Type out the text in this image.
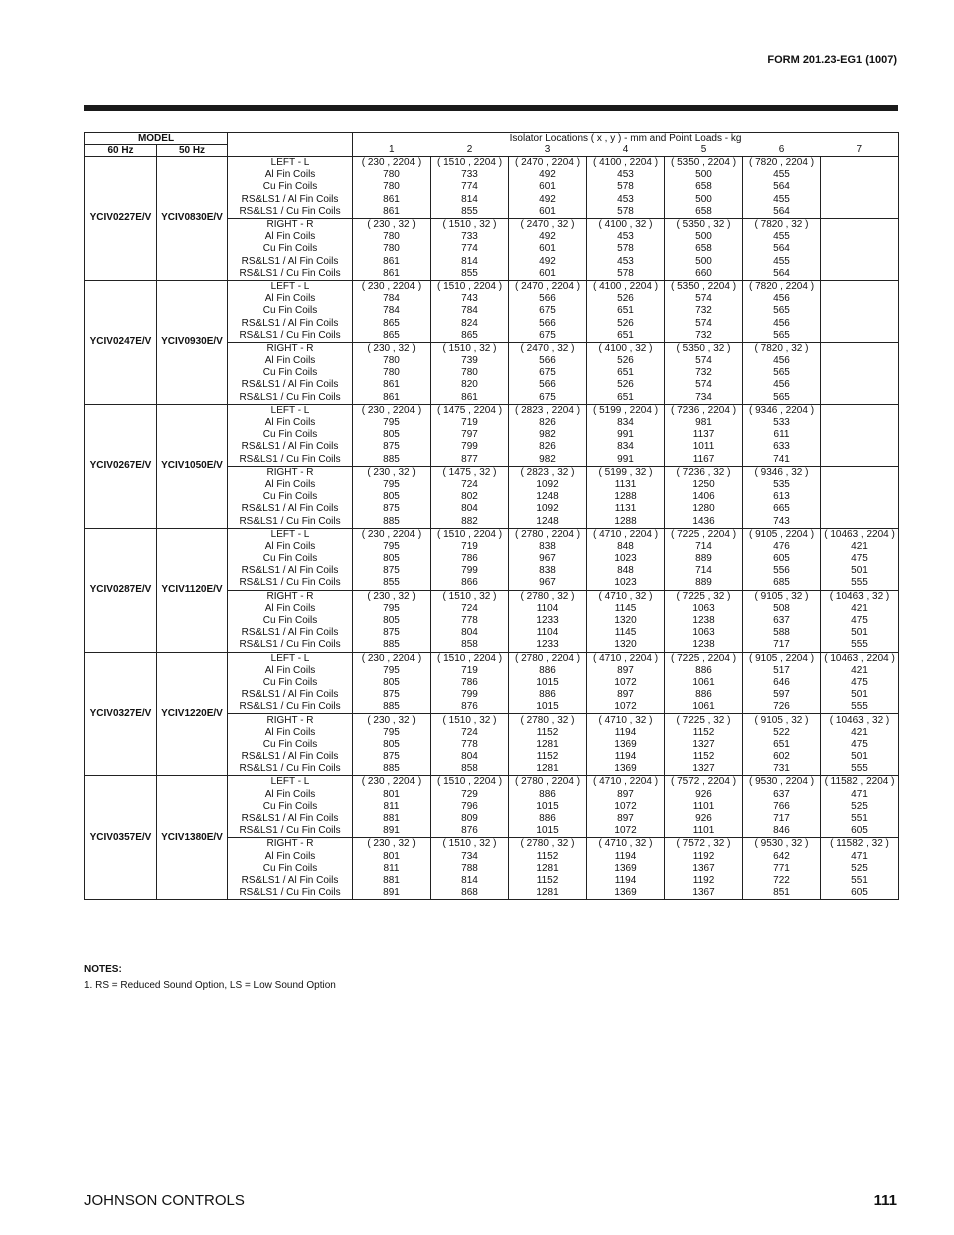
FORM 201.23-EG1 (1007)
MODEL			Isolator Locations ( x , y ) - mm and Point Loads - kg						
60 Hz	50 Hz		1	2	3	4	5	6	7
YCIV0227E/V	YCIV0830E/V	LEFT - L	( 230 , 2204 )	( 1510 , 2204 )	( 2470 , 2204 )	( 4100 , 2204 )	( 5350 , 2204 )	( 7820 , 2204 )	
		Al Fin Coils	780	733	492	453	500	455	
		Cu Fin Coils	780	774	601	578	658	564	
		RS&LS1 / Al Fin Coils	861	814	492	453	500	455	
		RS&LS1 / Cu Fin Coils	861	855	601	578	658	564	
		RIGHT - R	( 230 , 32 )	( 1510 , 32 )	( 2470 , 32 )	( 4100 , 32 )	( 5350 , 32 )	( 7820 , 32 )	
		Al Fin Coils	780	733	492	453	500	455	
		Cu Fin Coils	780	774	601	578	658	564	
		RS&LS1 / Al Fin Coils	861	814	492	453	500	455	
		RS&LS1 / Cu Fin Coils	861	855	601	578	660	564	
YCIV0247E/V	YCIV0930E/V	LEFT - L	( 230 , 2204 )	( 1510 , 2204 )	( 2470 , 2204 )	( 4100 , 2204 )	( 5350 , 2204 )	( 7820 , 2204 )	
		Al Fin Coils	784	743	566	526	574	456	
		Cu Fin Coils	784	784	675	651	732	565	
		RS&LS1 / Al Fin Coils	865	824	566	526	574	456	
		RS&LS1 / Cu Fin Coils	865	865	675	651	732	565	
		RIGHT - R	( 230 , 32 )	( 1510 , 32 )	( 2470 , 32 )	( 4100 , 32 )	( 5350 , 32 )	( 7820 , 32 )	
		Al Fin Coils	780	739	566	526	574	456	
		Cu Fin Coils	780	780	675	651	732	565	
		RS&LS1 / Al Fin Coils	861	820	566	526	574	456	
		RS&LS1 / Cu Fin Coils	861	861	675	651	734	565	
YCIV0267E/V	YCIV1050E/V	LEFT - L	( 230 , 2204 )	( 1475 , 2204 )	( 2823 , 2204 )	( 5199 , 2204 )	( 7236 , 2204 )	( 9346 , 2204 )	
		Al Fin Coils	795	719	826	834	981	533	
		Cu Fin Coils	805	797	982	991	1137	611	
		RS&LS1 / Al Fin Coils	875	799	826	834	1011	633	
		RS&LS1 / Cu Fin Coils	885	877	982	991	1167	741	
		RIGHT - R	( 230 , 32 )	( 1475 , 32 )	( 2823 , 32 )	( 5199 , 32 )	( 7236 , 32 )	( 9346 , 32 )	
		Al Fin Coils	795	724	1092	1131	1250	535	
		Cu Fin Coils	805	802	1248	1288	1406	613	
		RS&LS1 / Al Fin Coils	875	804	1092	1131	1280	665	
		RS&LS1 / Cu Fin Coils	885	882	1248	1288	1436	743	
YCIV0287E/V	YCIV1120E/V	LEFT - L	( 230 , 2204 )	( 1510 , 2204 )	( 2780 , 2204 )	( 4710 , 2204 )	( 7225 , 2204 )	( 9105 , 2204 )	( 10463 , 2204 )
		Al Fin Coils	795	719	838	848	714	476	421
		Cu Fin Coils	805	786	967	1023	889	605	475
		RS&LS1 / Al Fin Coils	875	799	838	848	714	556	501
		RS&LS1 / Cu Fin Coils	855	866	967	1023	889	685	555
		RIGHT - R	( 230 , 32 )	( 1510 , 32 )	( 2780 , 32 )	( 4710 , 32 )	( 7225 , 32 )	( 9105 , 32 )	( 10463 , 32 )
		Al Fin Coils	795	724	1104	1145	1063	508	421
		Cu Fin Coils	805	778	1233	1320	1238	637	475
		RS&LS1 / Al Fin Coils	875	804	1104	1145	1063	588	501
		RS&LS1 / Cu Fin Coils	885	858	1233	1320	1238	717	555
YCIV0327E/V	YCIV1220E/V	LEFT - L	( 230 , 2204 )	( 1510 , 2204 )	( 2780 , 2204 )	( 4710 , 2204 )	( 7225 , 2204 )	( 9105 , 2204 )	( 10463 , 2204 )
		Al Fin Coils	795	719	886	897	886	517	421
		Cu Fin Coils	805	786	1015	1072	1061	646	475
		RS&LS1 / Al Fin Coils	875	799	886	897	886	597	501
		RS&LS1 / Cu Fin Coils	885	876	1015	1072	1061	726	555
		RIGHT - R	( 230 , 32 )	( 1510 , 32 )	( 2780 , 32 )	( 4710 , 32 )	( 7225 , 32 )	( 9105 , 32 )	( 10463 , 32 )
		Al Fin Coils	795	724	1152	1194	1152	522	421
		Cu Fin Coils	805	778	1281	1369	1327	651	475
		RS&LS1 / Al Fin Coils	875	804	1152	1194	1152	602	501
		RS&LS1 / Cu Fin Coils	885	858	1281	1369	1327	731	555
YCIV0357E/V	YCIV1380E/V	LEFT - L	( 230 , 2204 )	( 1510 , 2204 )	( 2780 , 2204 )	( 4710 , 2204 )	( 7572 , 2204 )	( 9530 , 2204 )	( 11582 , 2204 )
		Al Fin Coils	801	729	886	897	926	637	471
		Cu Fin Coils	811	796	1015	1072	1101	766	525
		RS&LS1 / Al Fin Coils	881	809	886	897	926	717	551
		RS&LS1 / Cu Fin Coils	891	876	1015	1072	1101	846	605
		RIGHT - R	( 230 , 32 )	( 1510 , 32 )	( 2780 , 32 )	( 4710 , 32 )	( 7572 , 32 )	( 9530 , 32 )	( 11582 , 32 )
		Al Fin Coils	801	734	1152	1194	1192	642	471
		Cu Fin Coils	811	788	1281	1369	1367	771	525
		RS&LS1 / Al Fin Coils	881	814	1152	1194	1192	722	551
		RS&LS1 / Cu Fin Coils	891	868	1281	1369	1367	851	605
NOTES:
1. RS = Reduced Sound Option, LS = Low Sound Option
JOHNSON CONTROLS	111
